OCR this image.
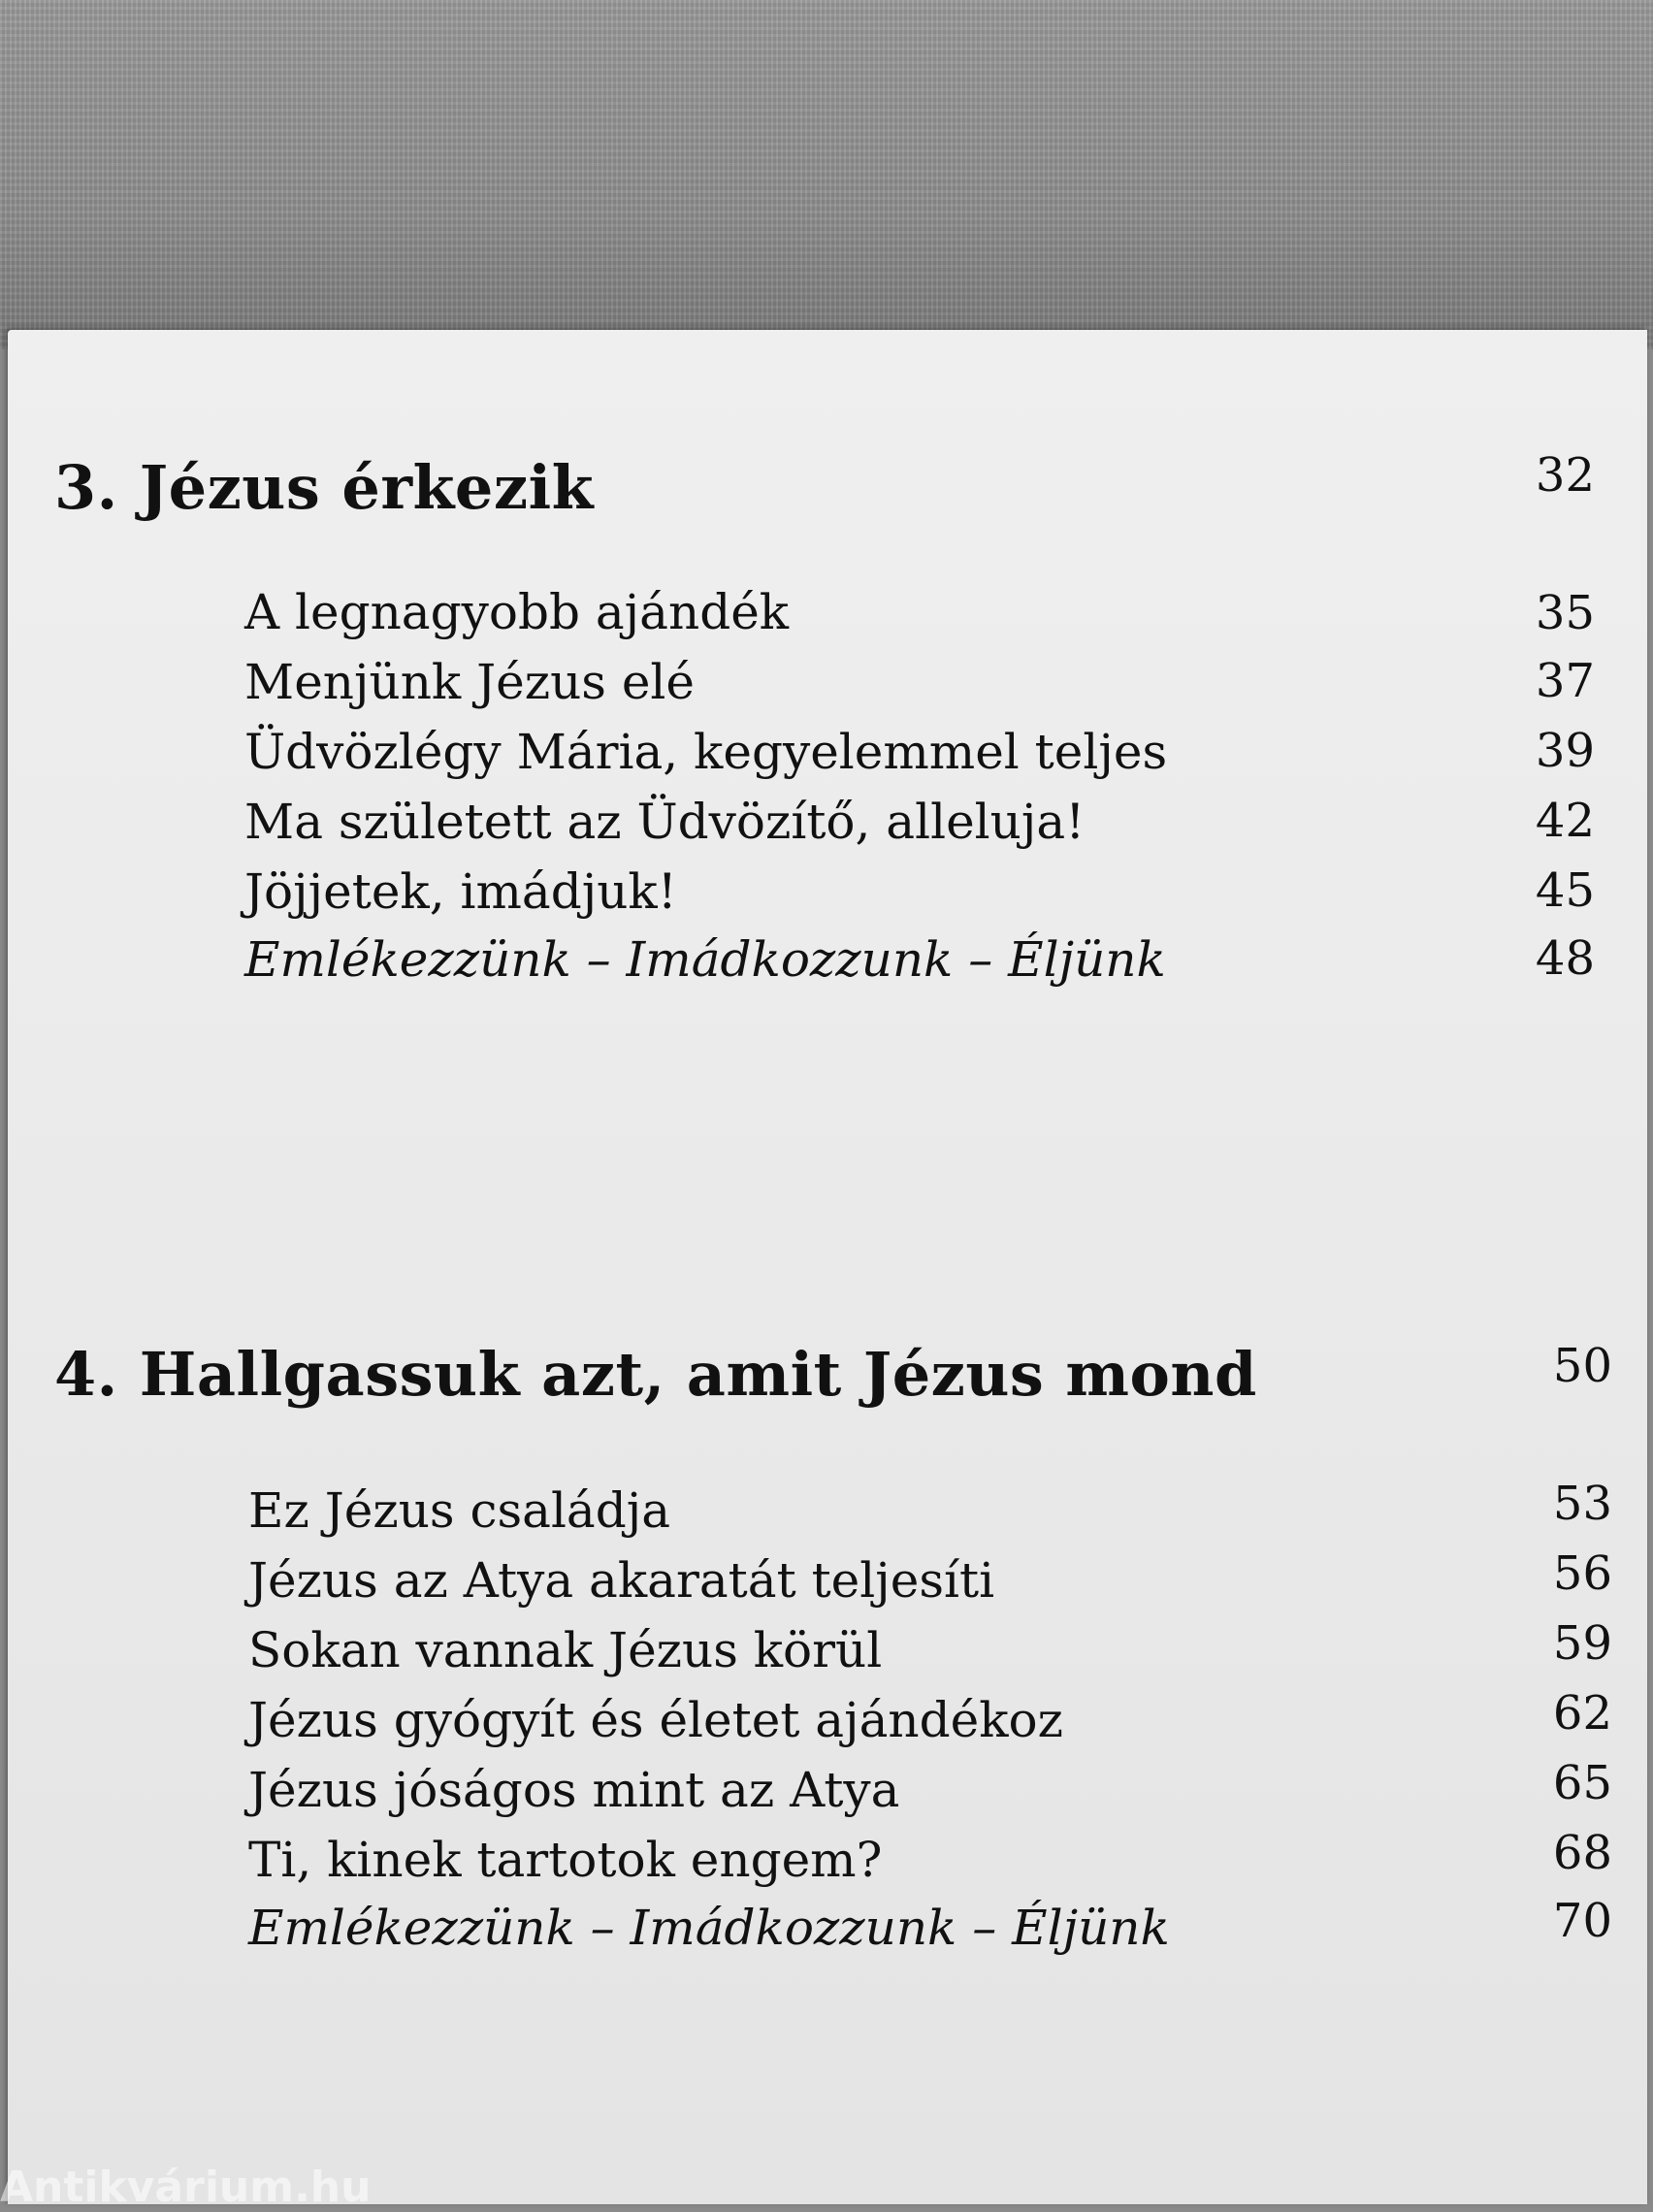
3. Jézus érkezik	32
A legnagyobb ajándék	35
Menjünk Jézus elé	37
Üdvözlégy Mária, kegyelemmel teljes	39
Ma született az Üdvözítő, alleluja!	42
Jöjjetek, imádjuk!	45
Emlékezzünk – Imádkozzunk – Éljünk	48
4. Hallgassuk azt, amit Jézus mond	50
Ez Jézus családja	53
Jézus az Atya akaratát teljesíti	56
Sokan vannak Jézus körül	59
Jézus gyógyít és életet ajándékoz	62
Jézus jóságos mint az Atya	65
Ti, kinek tartotok engem?	68
Emlékezzünk – Imádkozzunk – Éljünk	70
Antikvárium.hu
